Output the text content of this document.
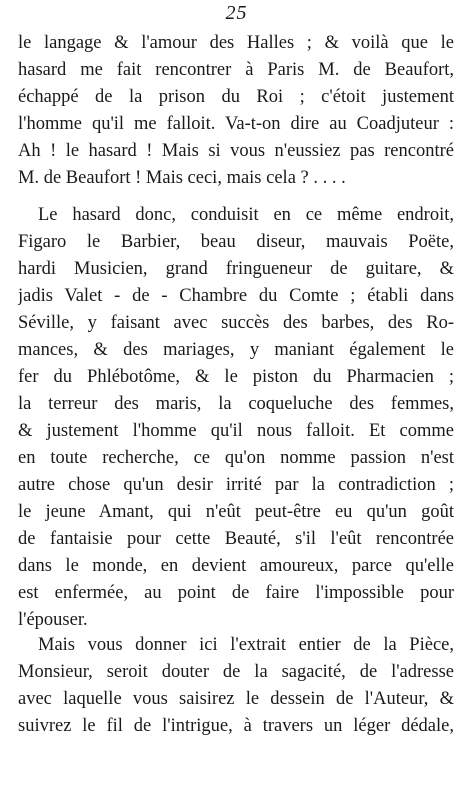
25
le langage & l'amour des Halles ; & voilà que le
hasard me fait rencontrer à Paris M. de Beaufort,
échappé de la prison du Roi ; c'étoit justement
l'homme qu'il me falloit. Va-t-on dire au Coadjuteur :
Ah ! le hasard ! Mais si vous n'eussiez pas rencontré
M. de Beaufort ! Mais ceci, mais cela ? . . . .
Le hasard donc, conduisit en ce même endroit,
Figaro le Barbier, beau diseur, mauvais Poëte,
hardi Musicien, grand fringueneur de guitare, &
jadis Valet - de - Chambre du Comte ; établi dans
Séville, y faisant avec succès des barbes, des Ro-
mances, & des mariages, y maniant également le
fer du Phlébotôme, & le piston du Pharmacien ;
la terreur des maris, la coqueluche des femmes,
& justement l'homme qu'il nous falloit. Et comme
en toute recherche, ce qu'on nomme passion n'est
autre chose qu'un desir irrité par la contradiction ;
le jeune Amant, qui n'eût peut-être eu qu'un goût
de fantaisie pour cette Beauté, s'il l'eût rencontrée
dans le monde, en devient amoureux, parce qu'elle
est enfermée, au point de faire l'impossible pour
l'épouser.
Mais vous donner ici l'extrait entier de la Pièce,
Monsieur, seroit douter de la sagacité, de l'adresse
avec laquelle vous saisirez le dessein de l'Auteur, &
suivrez le fil de l'intrigue, à travers un léger dédale,
